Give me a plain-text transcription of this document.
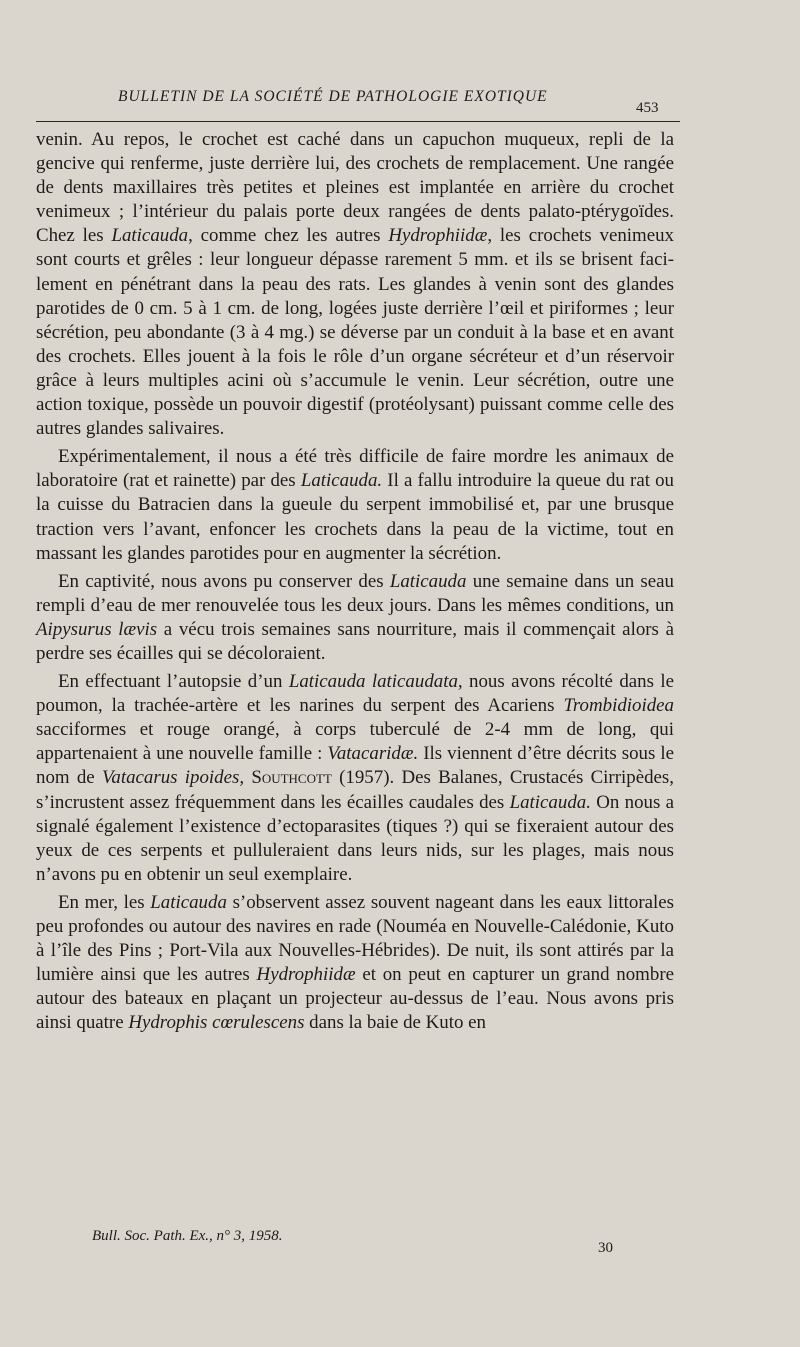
BULLETIN DE LA SOCIÉTÉ DE PATHOLOGIE EXOTIQUE
453

venin. Au repos, le crochet est caché dans un capuchon muqueux, repli de la gencive qui renferme, juste derrière lui, des crochets de remplacement. Une rangée de dents maxillaires très petites et pleines est implantée en arrière du crochet venimeux ; l’intérieur du palais porte deux rangées de dents palato-ptérygoïdes. Chez les Laticauda, comme chez les autres Hydrophiidæ, les crochets venimeux sont courts et grêles : leur longueur dépasse rarement 5 mm. et ils se brisent facilement en pénétrant dans la peau des rats. Les glandes à venin sont des glandes parotides de 0 cm. 5 à 1 cm. de long, logées juste derrière l’œil et piriformes ; leur sécrétion, peu abondante (3 à 4 mg.) se déverse par un conduit à la base et en avant des crochets. Elles jouent à la fois le rôle d’un organe sécréteur et d’un réservoir grâce à leurs multiples acini où s’accumule le venin. Leur sécrétion, outre une action toxique, possède un pouvoir digestif (protéolysant) puissant comme celle des autres glandes salivaires.

Expérimentalement, il nous a été très difficile de faire mordre les animaux de laboratoire (rat et rainette) par des Laticauda. Il a fallu introduire la queue du rat ou la cuisse du Batracien dans la gueule du serpent immobilisé et, par une brusque traction vers l’avant, enfoncer les crochets dans la peau de la victime, tout en massant les glandes parotides pour en augmenter la sécrétion.

En captivité, nous avons pu conserver des Laticauda une semaine dans un seau rempli d’eau de mer renouvelée tous les deux jours. Dans les mêmes conditions, un Aipysurus lævis a vécu trois semaines sans nourriture, mais il commençait alors à perdre ses écailles qui se décoloraient.

En effectuant l’autopsie d’un Laticauda laticaudata, nous avons récolté dans le poumon, la trachée-artère et les narines du serpent des Acariens Trombidioidea sacciformes et rouge orangé, à corps tuberculé de 2-4 mm de long, qui appartenaient à une nouvelle famille : Vatacaridæ. Ils viennent d’être décrits sous le nom de Vatacarus ipoides, Southcott (1957). Des Balanes, Crustacés Cirripèdes, s’incrustent assez fréquemment dans les écailles caudales des Laticauda. On nous a signalé également l’existence d’ectoparasites (tiques ?) qui se fixeraient autour des yeux de ces serpents et pulluleraient dans leurs nids, sur les plages, mais nous n’avons pu en obtenir un seul exemplaire.

En mer, les Laticauda s’observent assez souvent nageant dans les eaux littorales peu profondes ou autour des navires en rade (Nouméa en Nouvelle-Calédonie, Kuto à l’île des Pins ; Port-Vila aux Nouvelles-Hébrides). De nuit, ils sont attirés par la lumière ainsi que les autres Hydrophiidæ et on peut en capturer un grand nombre autour des bateaux en plaçant un projecteur au-dessus de l’eau. Nous avons pris ainsi quatre Hydrophis cœrulescens dans la baie de Kuto en

Bull. Soc. Path. Ex., n° 3, 1958.
30
